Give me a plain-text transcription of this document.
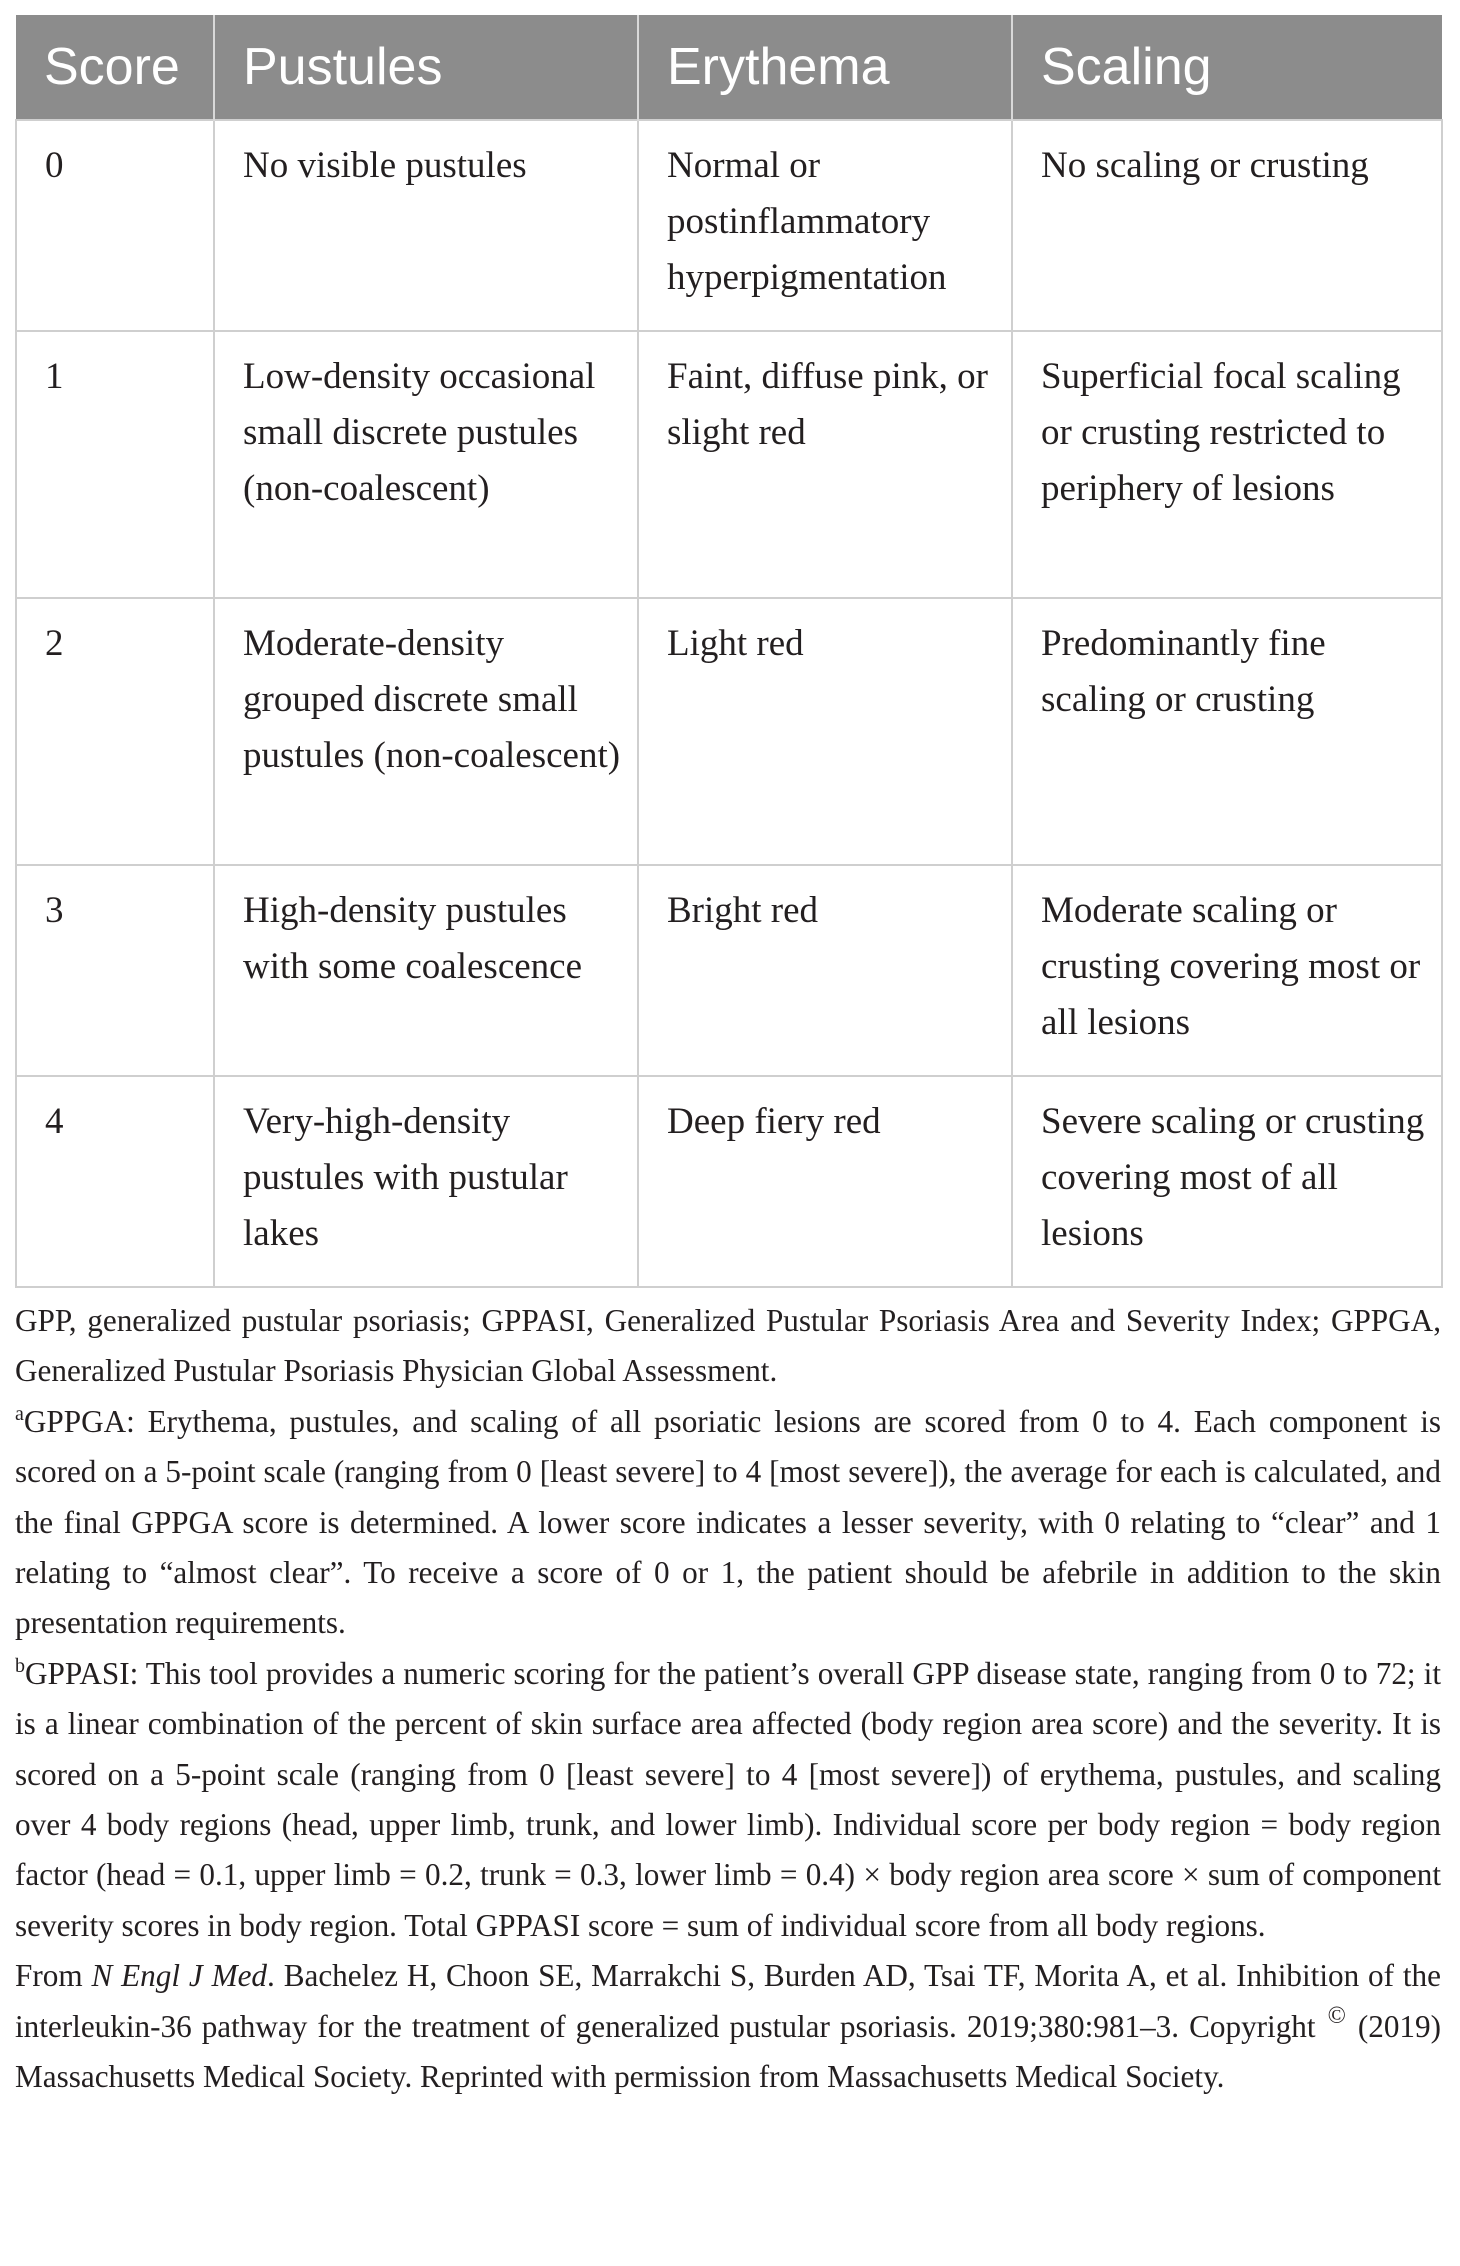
Score	Pustules	Erythema	Scaling
0	No visible pustules	Normal or postinflammatory hyperpigmentation	No scaling or crusting
1	Low-density occasional small discrete pustules (non-coalescent)	Faint, diffuse pink, or slight red	Superficial focal scaling or crusting restricted to periphery of lesions
2	Moderate-density grouped discrete small pustules (non-coalescent)	Light red	Predominantly fine scaling or crusting
3	High-density pustules with some coalescence	Bright red	Moderate scaling or crusting covering most or all lesions
4	Very-high-density pustules with pustular lakes	Deep fiery red	Severe scaling or crusting covering most of all lesions

GPP, generalized pustular psoriasis; GPPASI, Generalized Pustular Psoriasis Area and Severity Index; GPPGA, Generalized Pustular Psoriasis Physician Global Assessment.

$^a$GPPGA: Erythema, pustules, and scaling of all psoriatic lesions are scored from 0 to 4. Each component is scored on a 5-point scale (ranging from 0 [least severe] to 4 [most severe]), the average for each is calculated, and the final GPPGA score is determined. A lower score indicates a lesser severity, with 0 relating to “clear” and 1 relating to “almost clear”. To receive a score of 0 or 1, the patient should be afebrile in addition to the skin presentation requirements.

$^b$GPPASI: This tool provides a numeric scoring for the patient’s overall GPP disease state, ranging from 0 to 72; it is a linear combination of the percent of skin surface area affected (body region area score) and the severity. It is scored on a 5-point scale (ranging from 0 [least severe] to 4 [most severe]) of erythema, pustules, and scaling over 4 body regions (head, upper limb, trunk, and lower limb). Individual score per body region = body region factor (head = 0.1, upper limb = 0.2, trunk = 0.3, lower limb = 0.4) × body region area score × sum of component severity scores in body region. Total GPPASI score = sum of individual score from all body regions.

From N Engl J Med. Bachelez H, Choon SE, Marrakchi S, Burden AD, Tsai TF, Morita A, et al. Inhibition of the interleukin-36 pathway for the treatment of generalized pustular psoriasis. 2019;380:981–3. Copyright © (2019) Massachusetts Medical Society. Reprinted with permission from Massachusetts Medical Society.
